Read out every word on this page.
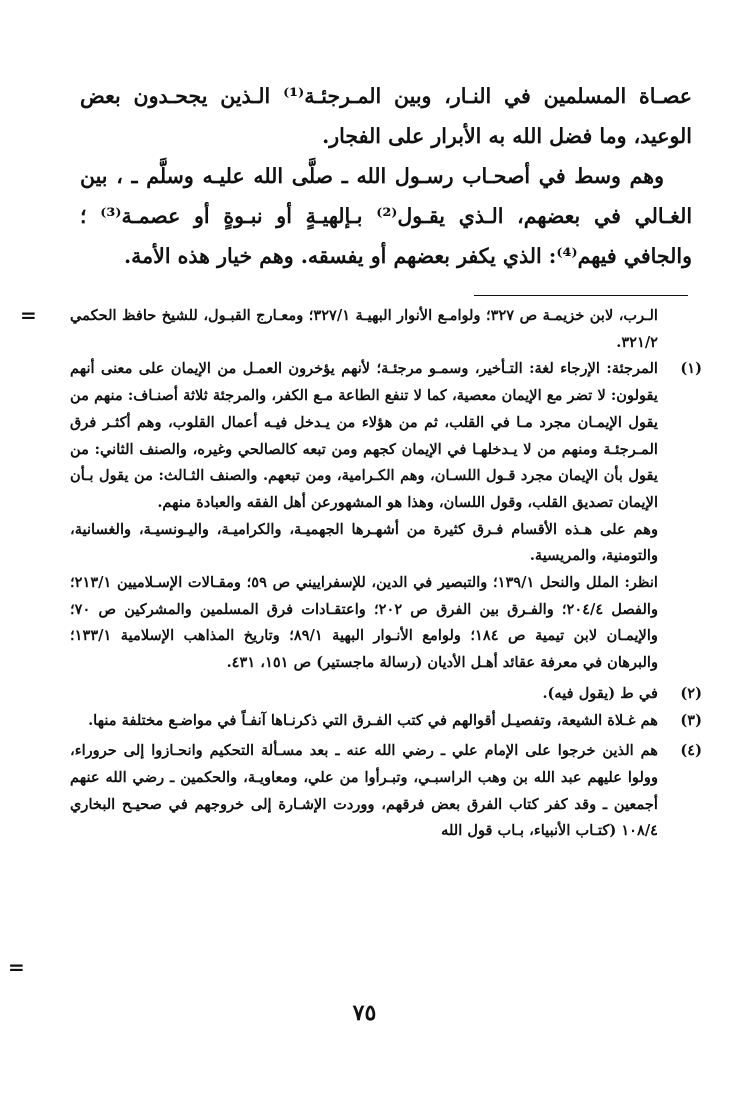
عصـاة المسلمين في النـار، وبين المـرجئـة⁽¹⁾ الـذين يجحـدون بعض الوعيد، وما فضل الله به الأبرار على الفجار.

وهم وسط في أصحـاب رسـول الله ـ صلَّى الله عليـه وسلَّم ـ ، بين الغـالي في بعضهم، الـذي يقـول⁽²⁾ بـإلهيـةٍ أو نبـوةٍ أو عصمـة⁽³⁾ ؛ والجافي فيهم⁽⁴⁾: الذي يكفر بعضهم أو يفسقه. وهم خيار هذه الأمة.

= الـرب، لابن خزيمـة ص ٣٢٧؛ ولوامـع الأنوار البهيـة ٣٢٧/١؛ ومعـارج القبـول، للشيخ حافظ الحكمي ٣٢١/٢.
(١)
المرجئة: الإرجاء لغة: التـأخير، وسمـو مرجئـة؛ لأنهم يؤخرون العمـل من الإيمان على معنى أنهم يقولون: لا تضر مع الإيمان معصية، كما لا تنفع الطاعة مـع الكفر، والمرجئة ثلاثة أصنـاف: منهم من يقول الإيمـان مجرد مـا في القلب، ثم من هؤلاء من يـدخل فيـه أعمال القلوب، وهم أكثـر فرق المـرجئـة ومنهم من لا يـدخلهـا في الإيمان كجهم ومن تبعه كالصالحي وغيره، والصنف الثاني: من يقول بأن الإيمان مجرد قـول اللسـان، وهم الكـرامية، ومن تبعهم. والصنف الثـالث: من يقول بـأن الإيمان تصديق القلب، وقول اللسان، وهذا هو المشهورعن أهل الفقه والعبادة منهم.
وهم على هـذه الأقسام فـرق كثيرة من أشهـرها الجهميـة، والكراميـة، واليـونسيـة، والغسانية، والتومنية، والمريسية.
انظر: الملل والنحل ١٣٩/١؛ والتبصير في الدين، للإسفراييني ص ٥٩؛ ومقـالات الإسـلاميين ٢١٣/١؛ والفصل ٢٠٤/٤؛ والفـرق بين الفرق ص ٢٠٢؛ واعتقـادات فرق المسلمين والمشركين ص ٧٠؛ والإيمـان لابن تيمية ص ١٨٤؛ ولوامع الأنـوار البهية ٨٩/١؛ وتاريخ المذاهب الإسلامية ١٣٣/١؛ والبرهان في معرفة عقائد أهـل الأديان (رسالة ماجستير) ص ١٥١، ٤٣١.
(٢)
في ط (يقول فيه).
(٣)
هم غـلاة الشيعة، وتفصيـل أقوالهم في كتب الفـرق التي ذكرنـاها آنفـاً في مواضـع مختلفة منها.
(٤)
هم الذين خرجوا على الإمام علي ـ رضي الله عنه ـ بعد مسـألة التحكيم وانحـازوا إلى حروراء، وولوا عليهم عبد الله بن وهب الراسبـي، وتبـرأوا من علي، ومعاويـة، والحكمين ـ رضي الله عنهم أجمعين ـ وقد كفر كتاب الفرق بعض فرقهم، ووردت الإشـارة إلى خروجهم في صحيـح البخاري ١٠٨/٤ (كتـاب الأنبياء، بـاب قول الله
=
٧٥
